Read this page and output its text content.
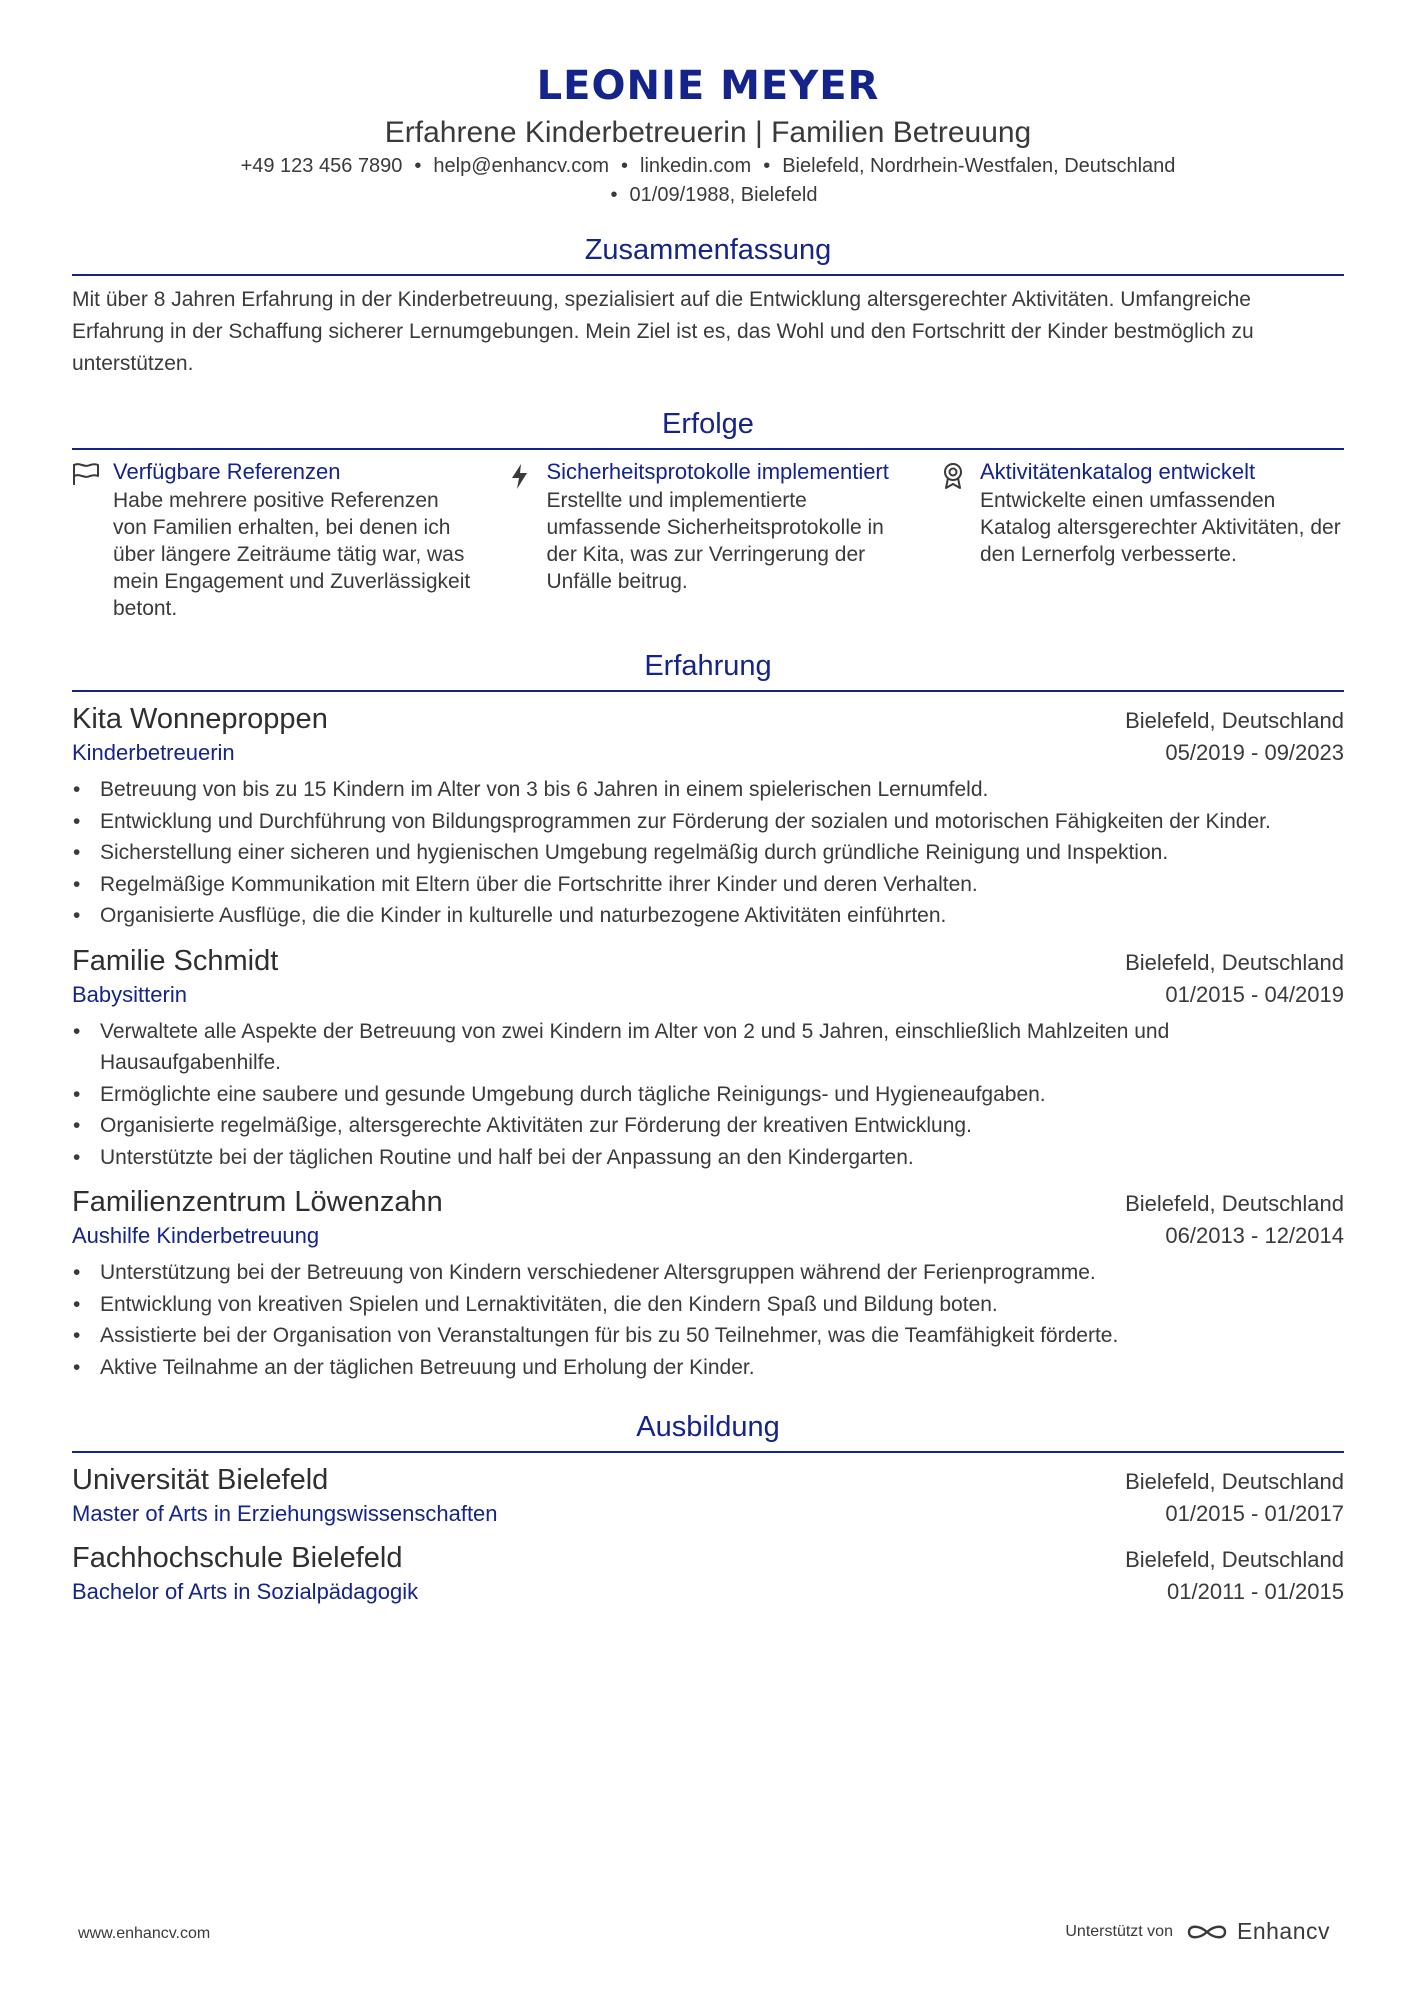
LEONIE MEYER
Erfahrene Kinderbetreuerin | Familien Betreuung
+49 123 456 7890 • help@enhancv.com • linkedin.com • Bielefeld, Nordrhein-Westfalen, Deutschland
• 01/09/1988, Bielefeld
Zusammenfassung

Mit über 8 Jahren Erfahrung in der Kinderbetreuung, spezialisiert auf die Entwicklung altersgerechter Aktivitäten. Umfangreiche Erfahrung in der Schaffung sicherer Lernumgebungen. Mein Ziel ist es, das Wohl und den Fortschritt der Kinder bestmöglich zu unterstützen.

Erfolge
Verfügbare Referenzen
Habe mehrere positive Referenzen von Familien erhalten, bei denen ich über längere Zeiträume tätig war, was mein Engagement und Zuverlässigkeit betont.
Sicherheitsprotokolle implementiert
Erstellte und implementierte umfassende Sicherheitsprotokolle in der Kita, was zur Verringerung der Unfälle beitrug.
Aktivitätenkatalog entwickelt
Entwickelte einen umfassenden Katalog altersgerechter Aktivitäten, der den Lernerfolg verbesserte.
Erfahrung
Kita Wonneproppen	Bielefeld, Deutschland
Kinderbetreuerin	05/2019 - 09/2023
• Betreuung von bis zu 15 Kindern im Alter von 3 bis 6 Jahren in einem spielerischen Lernumfeld.
• Entwicklung und Durchführung von Bildungsprogrammen zur Förderung der sozialen und motorischen Fähigkeiten der Kinder.
• Sicherstellung einer sicheren und hygienischen Umgebung regelmäßig durch gründliche Reinigung und Inspektion.
• Regelmäßige Kommunikation mit Eltern über die Fortschritte ihrer Kinder und deren Verhalten.
• Organisierte Ausflüge, die die Kinder in kulturelle und naturbezogene Aktivitäten einführten.
Familie Schmidt	Bielefeld, Deutschland
Babysitterin	01/2015 - 04/2019
• Verwaltete alle Aspekte der Betreuung von zwei Kindern im Alter von 2 und 5 Jahren, einschließlich Mahlzeiten und Hausaufgabenhilfe.
• Ermöglichte eine saubere und gesunde Umgebung durch tägliche Reinigungs- und Hygieneaufgaben.
• Organisierte regelmäßige, altersgerechte Aktivitäten zur Förderung der kreativen Entwicklung.
• Unterstützte bei der täglichen Routine und half bei der Anpassung an den Kindergarten.
Familienzentrum Löwenzahn	Bielefeld, Deutschland
Aushilfe Kinderbetreuung	06/2013 - 12/2014
• Unterstützung bei der Betreuung von Kindern verschiedener Altersgruppen während der Ferienprogramme.
• Entwicklung von kreativen Spielen und Lernaktivitäten, die den Kindern Spaß und Bildung boten.
• Assistierte bei der Organisation von Veranstaltungen für bis zu 50 Teilnehmer, was die Teamfähigkeit förderte.
• Aktive Teilnahme an der täglichen Betreuung und Erholung der Kinder.
Ausbildung
Universität Bielefeld	Bielefeld, Deutschland
Master of Arts in Erziehungswissenschaften	01/2015 - 01/2017
Fachhochschule Bielefeld	Bielefeld, Deutschland
Bachelor of Arts in Sozialpädagogik	01/2011 - 01/2015
www.enhancv.com	Unterstützt von	Enhancv
